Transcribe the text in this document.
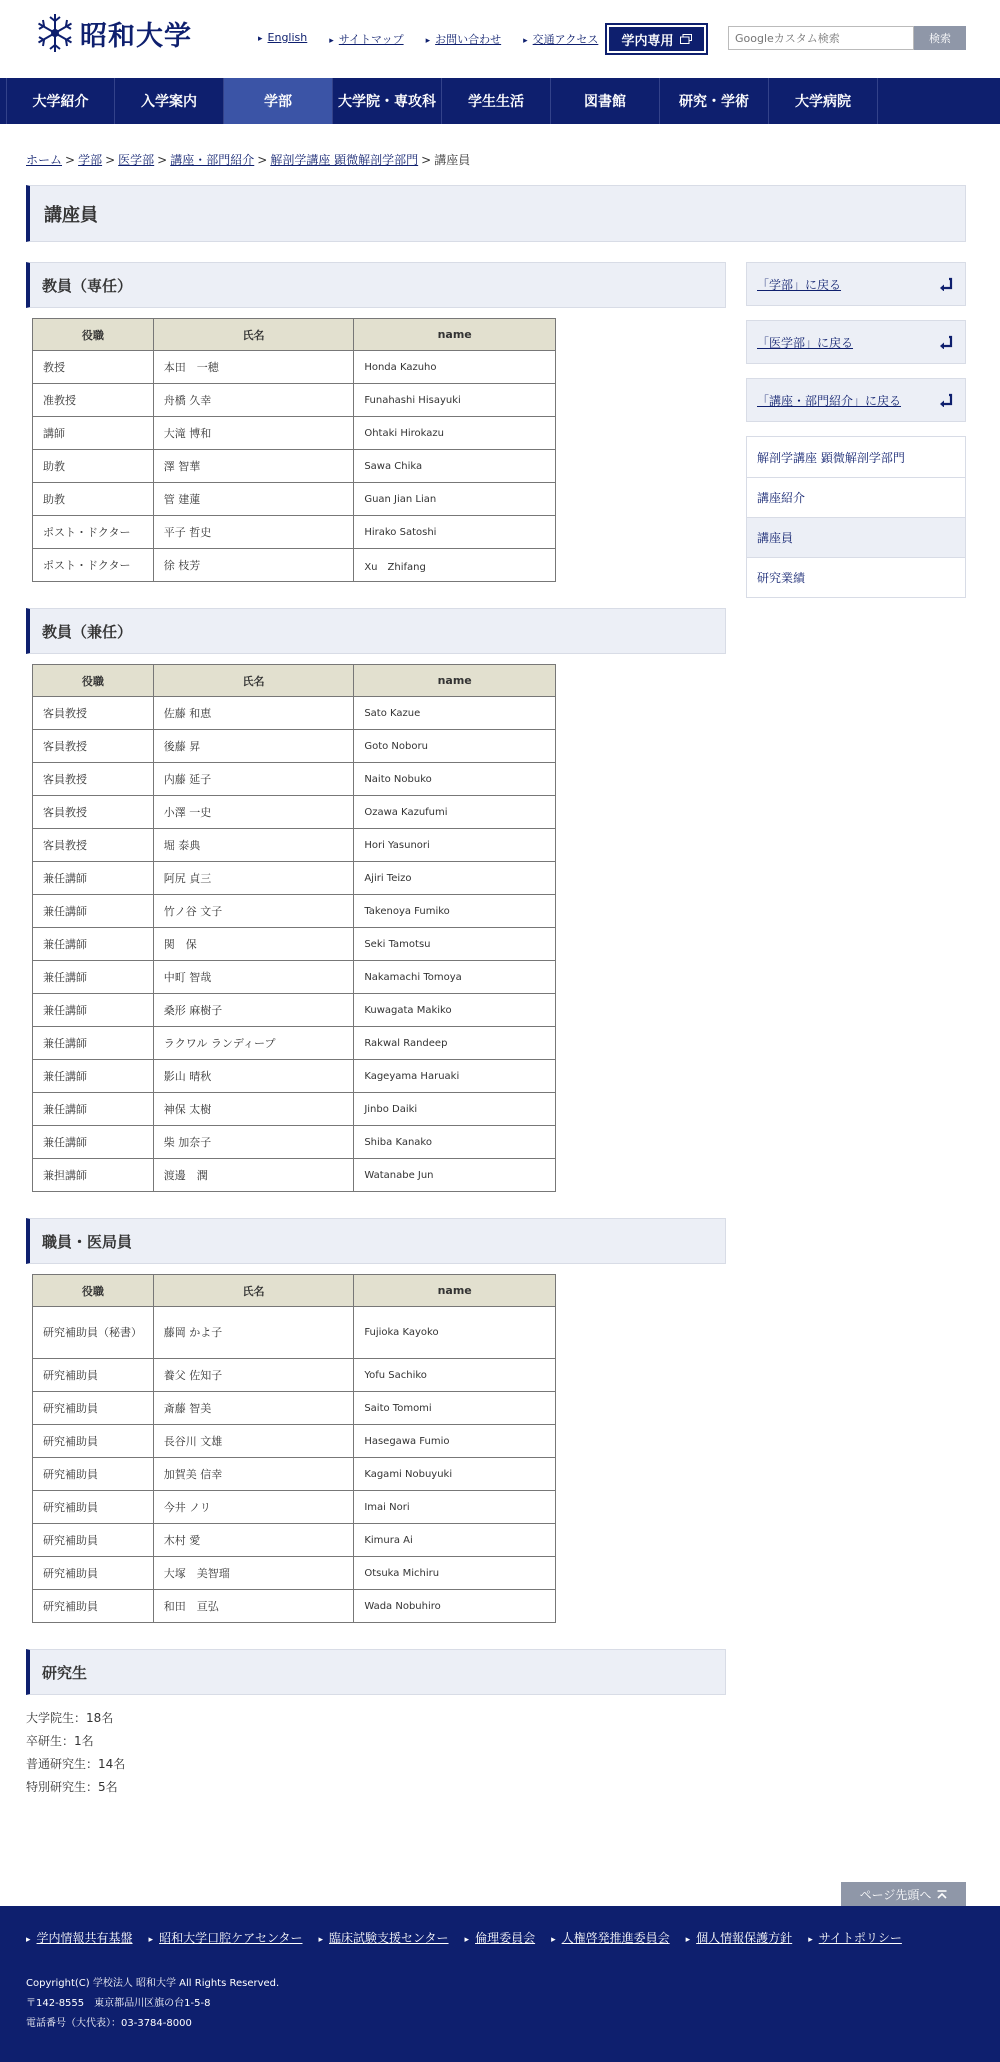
昭和大学	▸ English	▸ サイトマップ	▸ お問い合わせ	▸ 交通アクセス 学内専用
Googleカスタム検索	検索
大学紹介	入学案内	学部	大学院・専攻科	学生生活	図書館	研究・学術	大学病院
ホーム > 学部 > 医学部 > 講座・部門紹介 > 解剖学講座 顕微解剖学部門 > 講座員
講座員
教員（専任）
役職	氏名	name
教授	本田　一穂	Honda Kazuho
准教授	舟橋 久幸	Funahashi Hisayuki
講師	大滝 博和	Ohtaki Hirokazu
助教	澤 智華	Sawa Chika
助教	管 建蓮	Guan Jian Lian
ポスト・ドクター	平子 哲史	Hirako Satoshi
ポスト・ドクター	徐 枝芳	Xu　Zhifang
教員（兼任）
役職	氏名	name
客員教授	佐藤 和恵	Sato Kazue
客員教授	後藤 昇	Goto Noboru
客員教授	内藤 延子	Naito Nobuko
客員教授	小澤 一史	Ozawa Kazufumi
客員教授	堀 泰典	Hori Yasunori
兼任講師	阿尻 貞三	Ajiri Teizo
兼任講師	竹ノ谷 文子	Takenoya Fumiko
兼任講師	関　保	Seki Tamotsu
兼任講師	中町 智哉	Nakamachi Tomoya
兼任講師	桑形 麻樹子	Kuwagata Makiko
兼任講師	ラクワル ランディープ	Rakwal Randeep
兼任講師	影山 晴秋	Kageyama Haruaki
兼任講師	神保 太樹	Jinbo Daiki
兼任講師	柴 加奈子	Shiba Kanako
兼担講師	渡邊　潤	Watanabe Jun
職員・医局員
役職	氏名	name
研究補助員（秘書）	藤岡 かよ子	Fujioka Kayoko
研究補助員	養父 佐知子	Yofu Sachiko
研究補助員	斎藤 智美	Saito Tomomi
研究補助員	長谷川 文雄	Hasegawa Fumio
研究補助員	加賀美 信幸	Kagami Nobuyuki
研究補助員	今井 ノリ	Imai Nori
研究補助員	木村 愛	Kimura Ai
研究補助員	大塚　美智瑠	Otsuka Michiru
研究補助員	和田　亘弘	Wada Nobuhiro
研究生
大学院生：18名
卒研生：1名
普通研究生：14名
特別研究生：5名
「学部」に戻る
「医学部」に戻る
「講座・部門紹介」に戻る
解剖学講座 顕微解剖学部門
講座紹介
講座員
研究業績
ページ先頭へ
▸ 学内情報共有基盤	▸ 昭和大学口腔ケアセンター	▸ 臨床試験支援センター	▸ 倫理委員会	▸ 人権啓発推進委員会	▸ 個人情報保護方針	▸ サイトポリシー
Copyright(C) 学校法人 昭和大学 All Rights Reserved.
〒142-8555　東京都品川区旗の台1-5-8
電話番号（大代表）：03-3784-8000
